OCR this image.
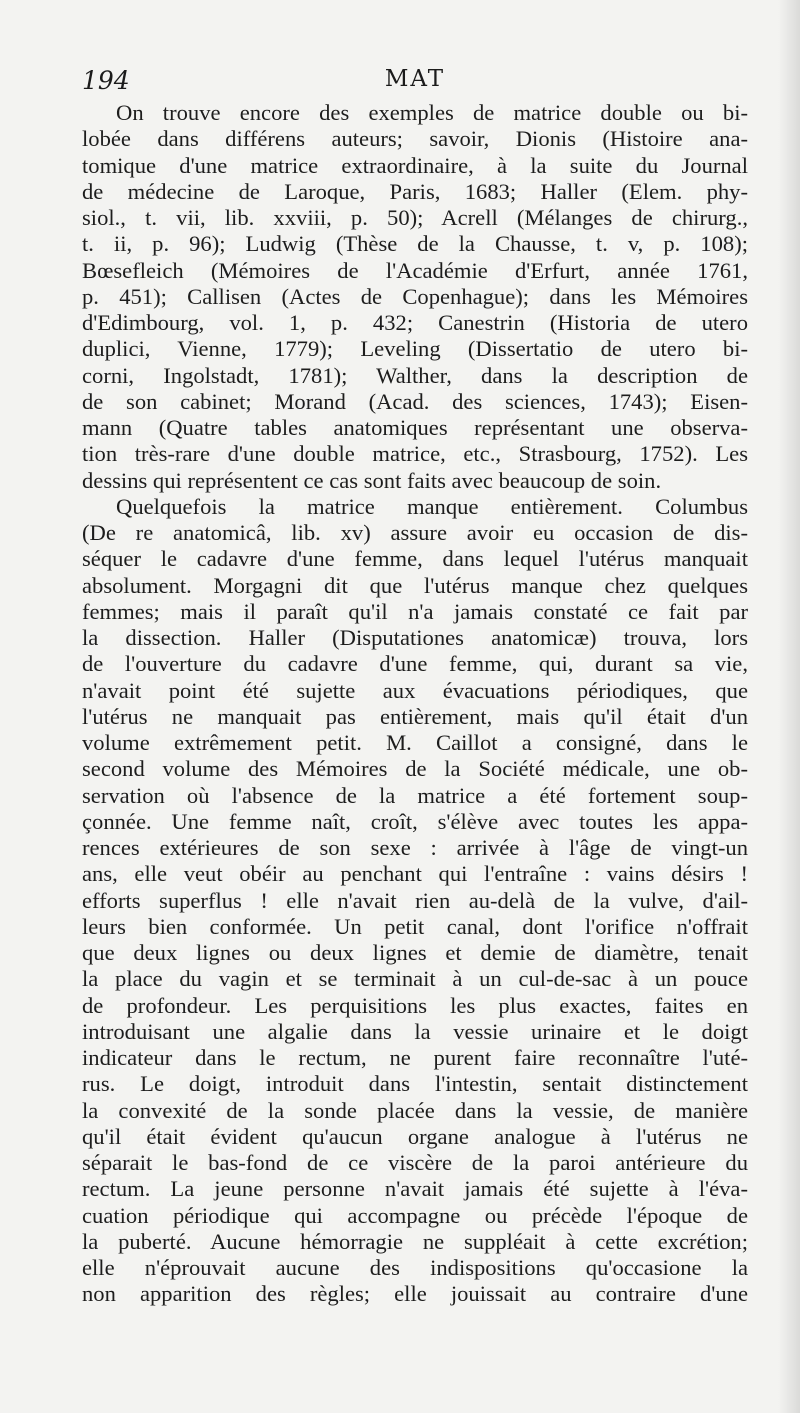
194	MAT
On trouve encore des exemples de matrice double ou bi-
lobée dans différens auteurs; savoir, Dionis (Histoire ana-
tomique d'une matrice extraordinaire, à la suite du Journal
de médecine de Laroque, Paris, 1683; Haller (Elem. phy-
siol., t. vii, lib. xxviii, p. 50); Acrell (Mélanges de chirurg.,
t. ii, p. 96); Ludwig (Thèse de la Chausse, t. v, p. 108);
Bœsefleich (Mémoires de l'Académie d'Erfurt, année 1761,
p. 451); Callisen (Actes de Copenhague); dans les Mémoires
d'Edimbourg, vol. 1, p. 432; Canestrin (Historia de utero
duplici, Vienne, 1779); Leveling (Dissertatio de utero bi-
corni, Ingolstadt, 1781); Walther, dans la description de
de son cabinet; Morand (Acad. des sciences, 1743); Eisen-
mann (Quatre tables anatomiques représentant une observa-
tion très-rare d'une double matrice, etc., Strasbourg, 1752). Les
dessins qui représentent ce cas sont faits avec beaucoup de soin.
Quelquefois la matrice manque entièrement. Columbus
(De re anatomicâ, lib. xv) assure avoir eu occasion de dis-
séquer le cadavre d'une femme, dans lequel l'utérus manquait
absolument. Morgagni dit que l'utérus manque chez quelques
femmes; mais il paraît qu'il n'a jamais constaté ce fait par
la dissection. Haller (Disputationes anatomicæ) trouva, lors
de l'ouverture du cadavre d'une femme, qui, durant sa vie,
n'avait point été sujette aux évacuations périodiques, que
l'utérus ne manquait pas entièrement, mais qu'il était d'un
volume extrêmement petit. M. Caillot a consigné, dans le
second volume des Mémoires de la Société médicale, une ob-
servation où l'absence de la matrice a été fortement soup-
çonnée. Une femme naît, croît, s'élève avec toutes les appa-
rences extérieures de son sexe : arrivée à l'âge de vingt-un
ans, elle veut obéir au penchant qui l'entraîne : vains désirs !
efforts superflus ! elle n'avait rien au-delà de la vulve, d'ail-
leurs bien conformée. Un petit canal, dont l'orifice n'offrait
que deux lignes ou deux lignes et demie de diamètre, tenait
la place du vagin et se terminait à un cul-de-sac à un pouce
de profondeur. Les perquisitions les plus exactes, faites en
introduisant une algalie dans la vessie urinaire et le doigt
indicateur dans le rectum, ne purent faire reconnaître l'uté-
rus. Le doigt, introduit dans l'intestin, sentait distinctement
la convexité de la sonde placée dans la vessie, de manière
qu'il était évident qu'aucun organe analogue à l'utérus ne
séparait le bas-fond de ce viscère de la paroi antérieure du
rectum. La jeune personne n'avait jamais été sujette à l'éva-
cuation périodique qui accompagne ou précède l'époque de
la puberté. Aucune hémorragie ne suppléait à cette excrétion;
elle n'éprouvait aucune des indispositions qu'occasione la
non apparition des règles; elle jouissait au contraire d'une
